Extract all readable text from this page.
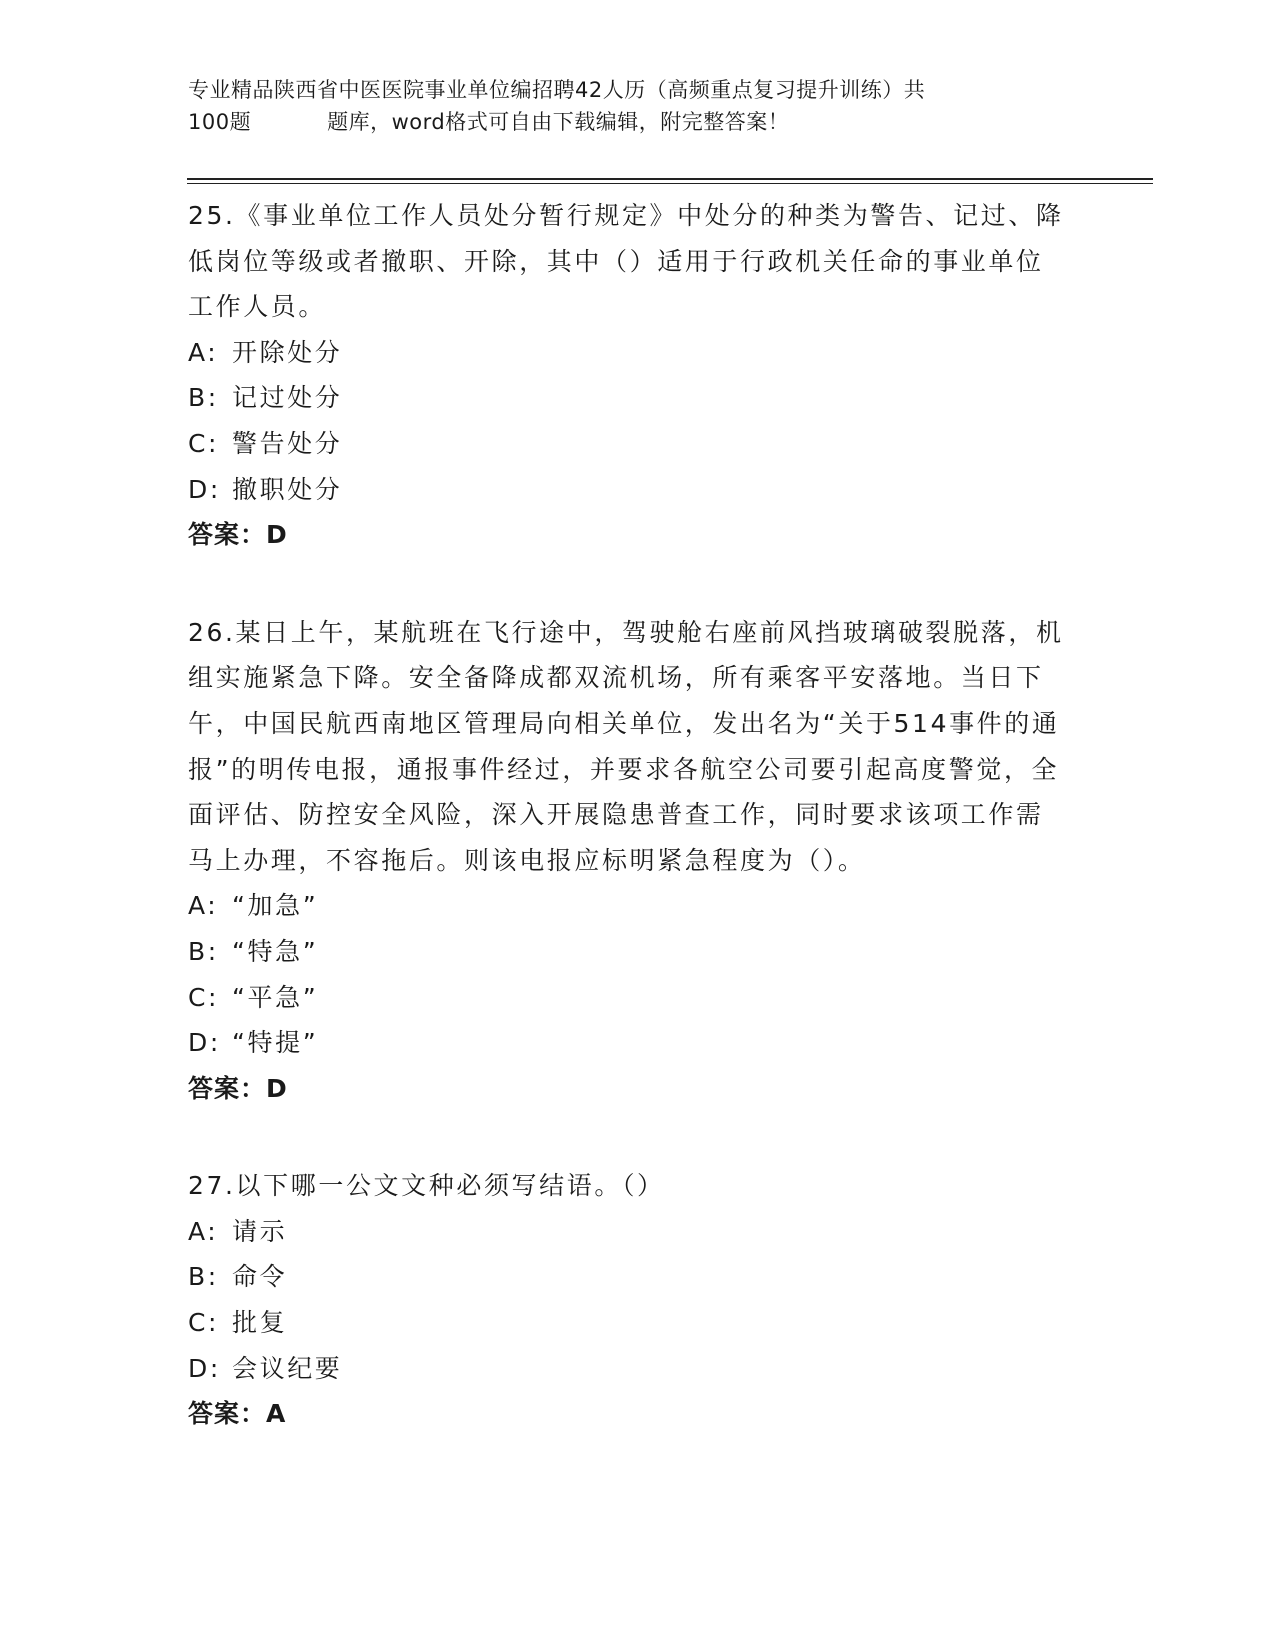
专业精品陕西省中医医院事业单位编招聘42人历（高频重点复习提升训练）共
100题	题库，word格式可自由下载编辑，附完整答案！

25.《事业单位工作人员处分暂行规定》中处分的种类为警告、记过、降低岗位等级或者撤职、开除，其中（）适用于行政机关任命的事业单位工作人员。

A: 开除处分
B: 记过处分
C: 警告处分
D: 撤职处分
答案：D

26.某日上午，某航班在飞行途中，驾驶舱右座前风挡玻璃破裂脱落，机组实施紧急下降。安全备降成都双流机场，所有乘客平安落地。当日下午，中国民航西南地区管理局向相关单位，发出名为“关于514事件的通报”的明传电报，通报事件经过，并要求各航空公司要引起高度警觉，全面评估、防控安全风险，深入开展隐患普查工作，同时要求该项工作需马上办理，不容拖后。则该电报应标明紧急程度为（）。

A: “加急”
B: “特急”
C: “平急”
D: “特提”
答案：D

27.以下哪一公文文种必须写结语。（）

A: 请示
B: 命令
C: 批复
D: 会议纪要
答案：A
